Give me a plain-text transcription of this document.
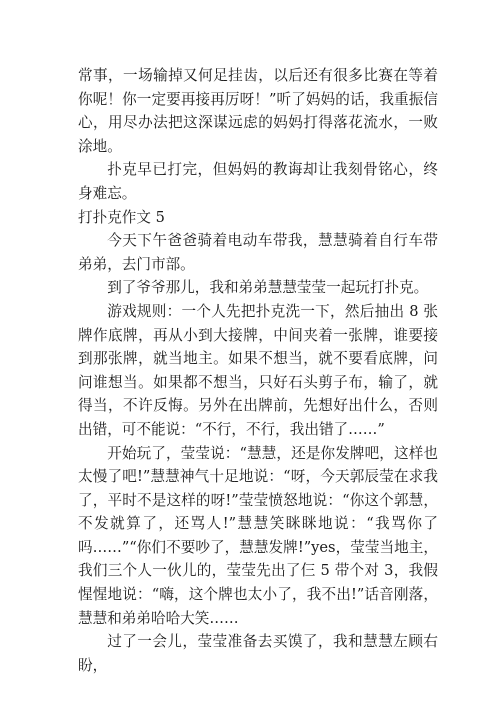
常事，一场输掉又何足挂齿，以后还有很多比赛在等着你呢！你一定要再接再厉呀！”听了妈妈的话，我重振信心，用尽办法把这深谋远虑的妈妈打得落花流水，一败涂地。

扑克早已打完，但妈妈的教诲却让我刻骨铭心，终身难忘。

打扑克作文 5

今天下午爸爸骑着电动车带我，慧慧骑着自行车带弟弟，去门市部。

到了爷爷那儿，我和弟弟慧慧莹莹一起玩打扑克。

游戏规则：一个人先把扑克洗一下，然后抽出 8 张牌作底牌，再从小到大接牌，中间夹着一张牌，谁要接到那张牌，就当地主。如果不想当，就不要看底牌，问问谁想当。如果都不想当，只好石头剪子布，输了，就得当，不许反悔。另外在出牌前，先想好出什么，否则出错，可不能说：“不行，不行，我出错了……”

开始玩了，莹莹说：“慧慧，还是你发牌吧，这样也太慢了吧!”慧慧神气十足地说：“呀，今天郭辰莹在求我了，平时不是这样的呀!”莹莹愤怒地说：“你这个郭慧，不发就算了，还骂人!”慧慧笑眯眯地说：“我骂你了吗……”“你们不要吵了，慧慧发牌!”yes，莹莹当地主，我们三个人一伙儿的，莹莹先出了仨 5 带个对 3，我假惺惺地说：“嗨，这个牌也太小了，我不出!”话音刚落，慧慧和弟弟哈哈大笑……

过了一会儿，莹莹准备去买馍了，我和慧慧左顾右盼，
